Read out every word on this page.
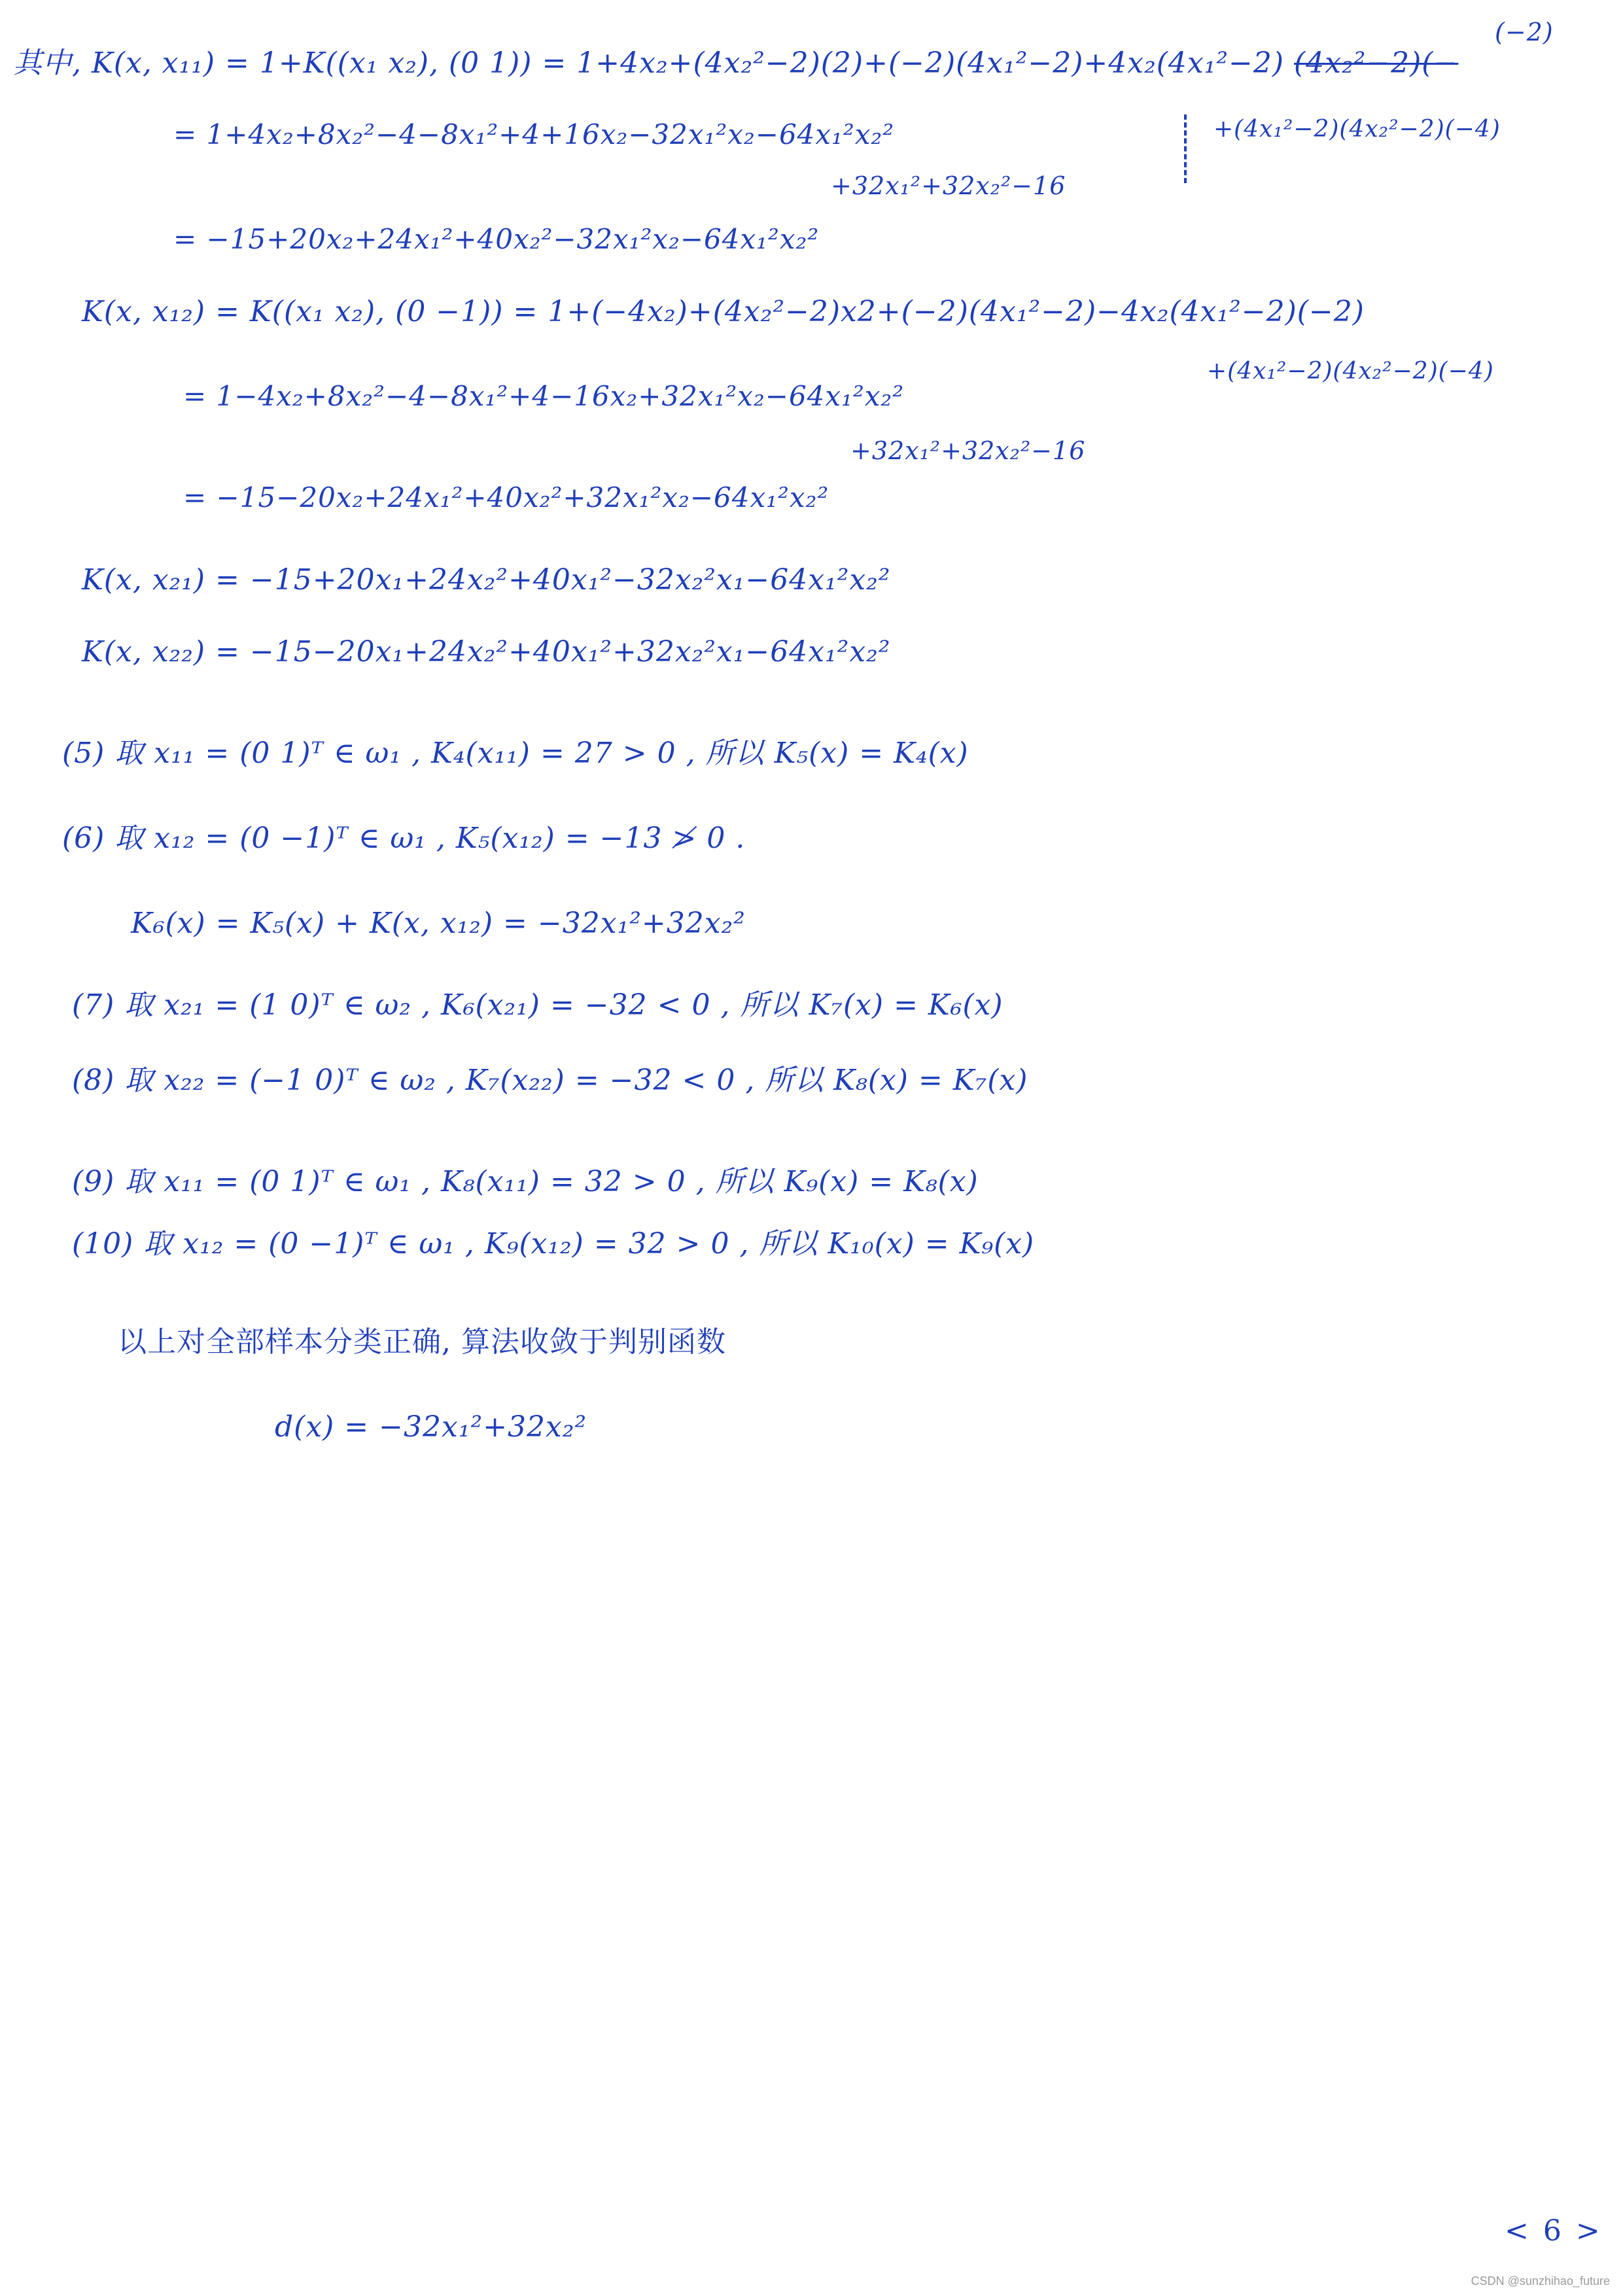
其中, K(x, x₁₁) = 1+K((x₁ x₂), (0 1)) = 1+4x₂+(4x₂²−2)(2)+(−2)(4x₁²−2)+4x₂(4x₁²−2) (4x₂²−2)(−
(−2)
= 1+4x₂+8x₂²−4−8x₁²+4+16x₂−32x₁²x₂−64x₁²x₂²	+(4x₁²−2)(4x₂²−2)(−4)
+32x₁²+32x₂²−16
= −15+20x₂+24x₁²+40x₂²−32x₁²x₂−64x₁²x₂²
K(x, x₁₂) = K((x₁ x₂), (0 −1)) = 1+(−4x₂)+(4x₂²−2)x2+(−2)(4x₁²−2)−4x₂(4x₁²−2)(−2)
+(4x₁²−2)(4x₂²−2)(−4)
= 1−4x₂+8x₂²−4−8x₁²+4−16x₂+32x₁²x₂−64x₁²x₂²
+32x₁²+32x₂²−16
= −15−20x₂+24x₁²+40x₂²+32x₁²x₂−64x₁²x₂²
K(x, x₂₁) = −15+20x₁+24x₂²+40x₁²−32x₂²x₁−64x₁²x₂²
K(x, x₂₂) = −15−20x₁+24x₂²+40x₁²+32x₂²x₁−64x₁²x₂²
(5) 取 x₁₁ = (0 1)ᵀ ∈ ω₁ , K₄(x₁₁) = 27 > 0 , 所以 K₅(x) = K₄(x)
(6) 取 x₁₂ = (0 −1)ᵀ ∈ ω₁ , K₅(x₁₂) = −13 ≯ 0 .
K₆(x) = K₅(x) + K(x, x₁₂) = −32x₁²+32x₂²
(7) 取 x₂₁ = (1 0)ᵀ ∈ ω₂ , K₆(x₂₁) = −32 < 0 , 所以 K₇(x) = K₆(x)
(8) 取 x₂₂ = (−1 0)ᵀ ∈ ω₂ , K₇(x₂₂) = −32 < 0 , 所以 K₈(x) = K₇(x)
(9) 取 x₁₁ = (0 1)ᵀ ∈ ω₁ , K₈(x₁₁) = 32 > 0 , 所以 K₉(x) = K₈(x)
(10) 取 x₁₂ = (0 −1)ᵀ ∈ ω₁ , K₉(x₁₂) = 32 > 0 , 所以 K₁₀(x) = K₉(x)
以上对全部样本分类正确, 算法收敛于判别函数
d(x) = −32x₁²+32x₂²
< 6 >
CSDN @sunzhihao_future
